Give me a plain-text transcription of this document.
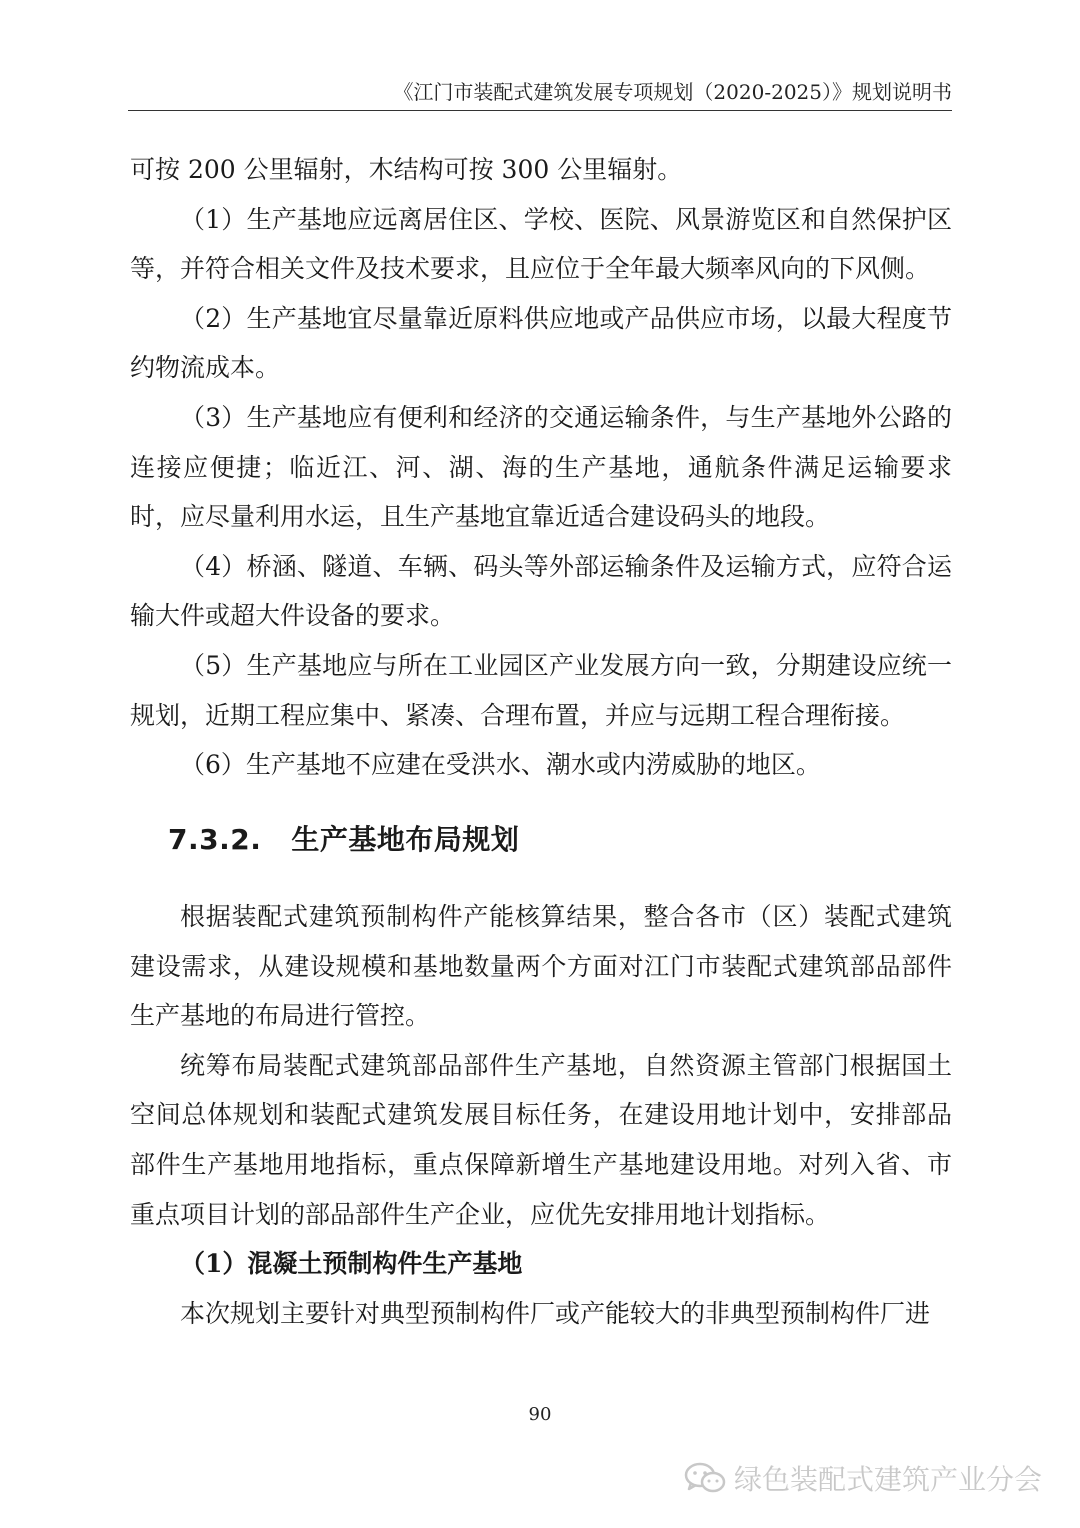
《江门市装配式建筑发展专项规划（2020-2025）》规划说明书

可按 200 公里辐射，木结构可按 300 公里辐射。

（1）生产基地应远离居住区、学校、医院、风景游览区和自然保护区等，并符合相关文件及技术要求，且应位于全年最大频率风向的下风侧。

（2）生产基地宜尽量靠近原料供应地或产品供应市场，以最大程度节约物流成本。

（3）生产基地应有便利和经济的交通运输条件，与生产基地外公路的连接应便捷；临近江、河、湖、海的生产基地，通航条件满足运输要求时，应尽量利用水运，且生产基地宜靠近适合建设码头的地段。

（4）桥涵、隧道、车辆、码头等外部运输条件及运输方式，应符合运输大件或超大件设备的要求。

（5）生产基地应与所在工业园区产业发展方向一致，分期建设应统一规划，近期工程应集中、紧凑、合理布置，并应与远期工程合理衔接。

（6）生产基地不应建在受洪水、潮水或内涝威胁的地区。

7.3.2. 生产基地布局规划

根据装配式建筑预制构件产能核算结果，整合各市（区）装配式建筑建设需求，从建设规模和基地数量两个方面对江门市装配式建筑部品部件生产基地的布局进行管控。

统筹布局装配式建筑部品部件生产基地，自然资源主管部门根据国土空间总体规划和装配式建筑发展目标任务，在建设用地计划中，安排部品部件生产基地用地指标，重点保障新增生产基地建设用地。对列入省、市重点项目计划的部品部件生产企业，应优先安排用地计划指标。

（1）混凝土预制构件生产基地

本次规划主要针对典型预制构件厂或产能较大的非典型预制构件厂进

90
绿色装配式建筑产业分会
